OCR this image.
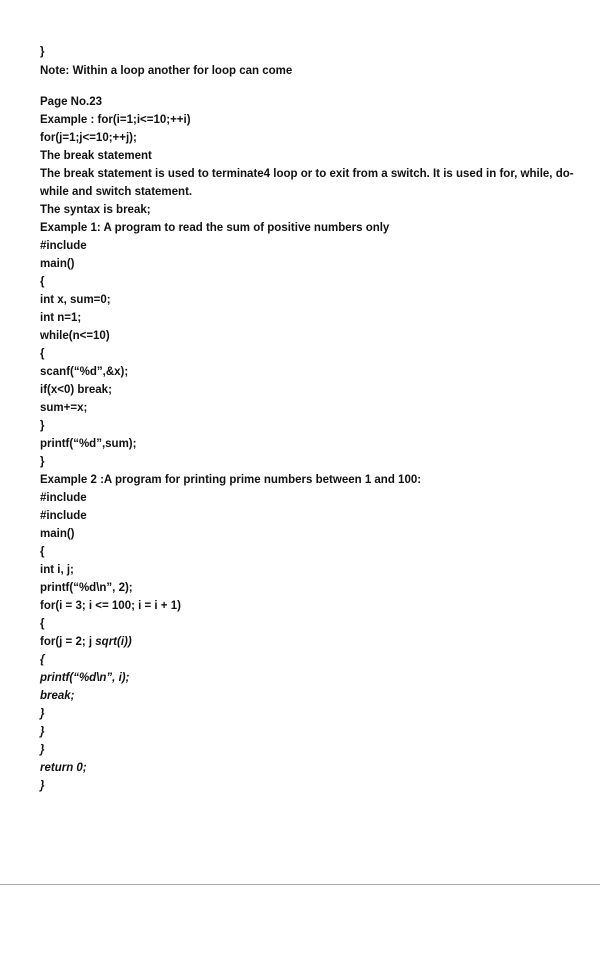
}
Note: Within a loop another for loop can come
Page No.23
Example : for(i=1;i<=10;++i)
for(j=1;j<=10;++j);
The break statement
The break statement is used to terminate4 loop or to exit from a switch. It is used in for, while, do-
while and switch statement.
The syntax is break;
Example 1: A program to read the sum of positive numbers only
#include
main()
{
int x, sum=0;
int n=1;
while(n<=10)
{
scanf(“%d”,&x);
if(x<0) break;
sum+=x;
}
printf(“%d”,sum);
}
Example 2 :A program for printing prime numbers between 1 and 100:
#include
#include
main()
{
int i, j;
printf(“%d\n”, 2);
for(i = 3; i <= 100; i = i + 1)
{
for(j = 2; j sqrt(i))
{
printf(“%d\n”, i);
break;
}
}
}
return 0;
}
